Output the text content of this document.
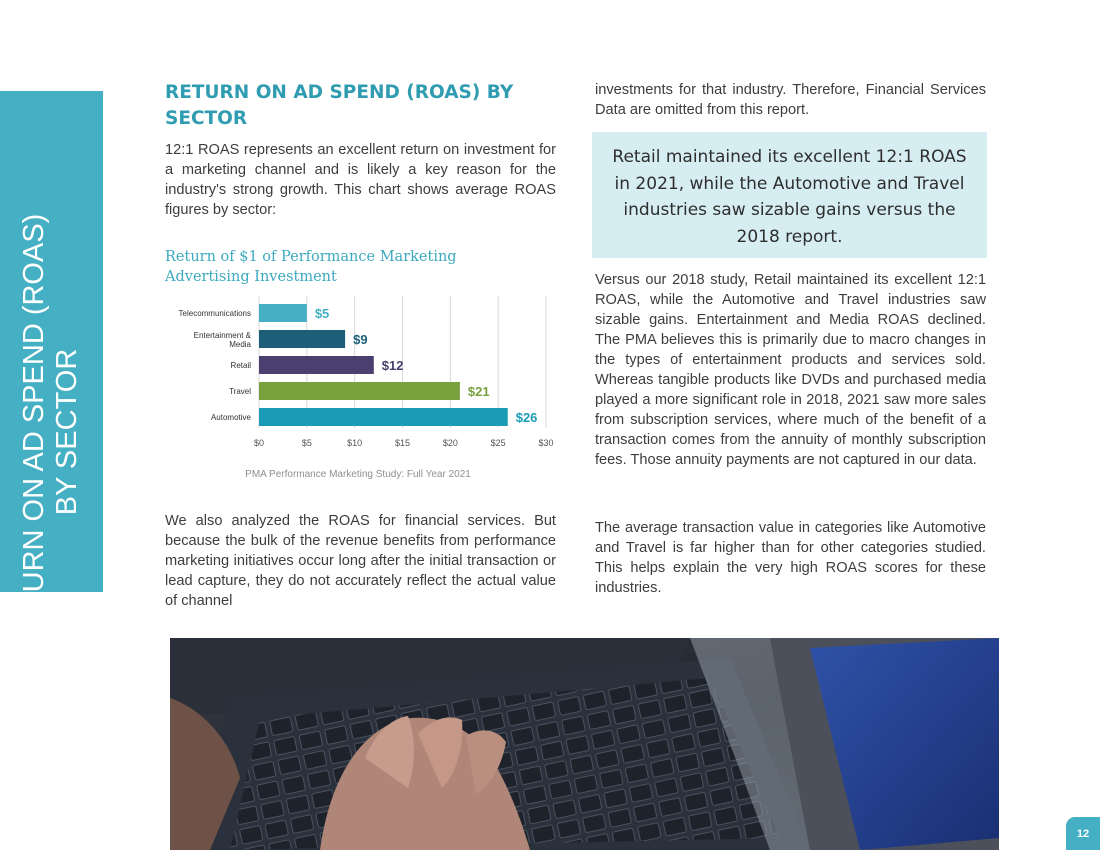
RETURN ON AD SPEND (ROAS) BY SECTOR
RETURN ON AD SPEND (ROAS) BY SECTOR

12:1 ROAS represents an excellent return on investment for a marketing channel and is likely a key reason for the industry's strong growth. This chart shows average ROAS figures by sector:

Return of $1 of Performance Marketing Advertising Investment

$0	$5	$10	$15	$20	$25	$30
Telecommunications	$5
Entertainment & Media	$9
Retail	$12
Travel	$21
Automotive	$26
PMA Performance Marketing Study: Full Year 2021

We also analyzed the ROAS for financial services. But because the bulk of the revenue benefits from performance marketing initiatives occur long after the initial transaction or lead capture, they do not accurately reflect the actual value of channel

investments for that industry. Therefore, Financial Services Data are omitted from this report.

Retail maintained its excellent 12:1 ROAS in 2021, while the Automotive and Travel industries saw sizable gains versus the 2018 report.

Versus our 2018 study, Retail maintained its excellent 12:1 ROAS, while the Automotive and Travel industries saw sizable gains. Entertainment and Media ROAS declined. The PMA believes this is primarily due to macro changes in the types of entertainment products and services sold. Whereas tangible products like DVDs and purchased media played a more significant role in 2018, 2021 saw more sales from subscription services, where much of the benefit of a transaction comes from the annuity of monthly subscription fees. Those annuity payments are not captured in our data.

The average transaction value in categories like Automotive and Travel is far higher than for other categories studied. This helps explain the very high ROAS scores for these industries.

12
